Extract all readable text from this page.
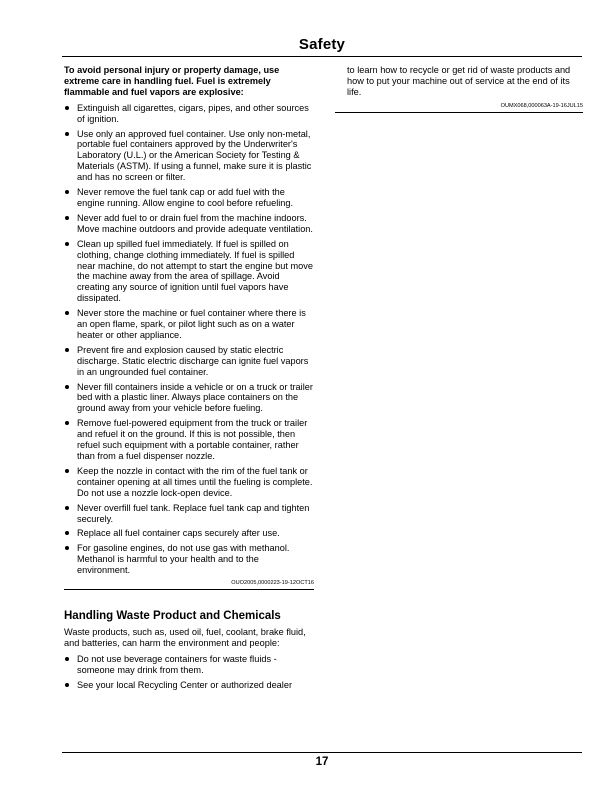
Safety

To avoid personal injury or property damage, use extreme care in handling fuel. Fuel is extremely flammable and fuel vapors are explosive:

Extinguish all cigarettes, cigars, pipes, and other sources of ignition.
Use only an approved fuel container. Use only non-metal, portable fuel containers approved by the Underwriter's Laboratory (U.L.) or the American Society for Testing & Materials (ASTM). If using a funnel, make sure it is plastic and has no screen or filter.
Never remove the fuel tank cap or add fuel with the engine running. Allow engine to cool before refueling.
Never add fuel to or drain fuel from the machine indoors. Move machine outdoors and provide adequate ventilation.
Clean up spilled fuel immediately. If fuel is spilled on clothing, change clothing immediately. If fuel is spilled near machine, do not attempt to start the engine but move the machine away from the area of spillage. Avoid creating any source of ignition until fuel vapors have dissipated.
Never store the machine or fuel container where there is an open flame, spark, or pilot light such as on a water heater or other appliance.
Prevent fire and explosion caused by static electric discharge. Static electric discharge can ignite fuel vapors in an ungrounded fuel container.
Never fill containers inside a vehicle or on a truck or trailer bed with a plastic liner. Always place containers on the ground away from your vehicle before fueling.
Remove fuel-powered equipment from the truck or trailer and refuel it on the ground. If this is not possible, then refuel such equipment with a portable container, rather than from a fuel dispenser nozzle.
Keep the nozzle in contact with the rim of the fuel tank or container opening at all times until the fueling is complete. Do not use a nozzle lock-open device.
Never overfill fuel tank. Replace fuel tank cap and tighten securely.
Replace all fuel container caps securely after use.
For gasoline engines, do not use gas with methanol. Methanol is harmful to your health and to the environment.
OUO2005,0000223-19-12OCT16
Handling Waste Product and Chemicals

Waste products, such as, used oil, fuel, coolant, brake fluid, and batteries, can harm the environment and people:

Do not use beverage containers for waste fluids - someone may drink from them.
See your local Recycling Center or authorized dealer

to learn how to recycle or get rid of waste products and how to put your machine out of service at the end of its life.

OUMX068,000063A-19-16JUL15
17
